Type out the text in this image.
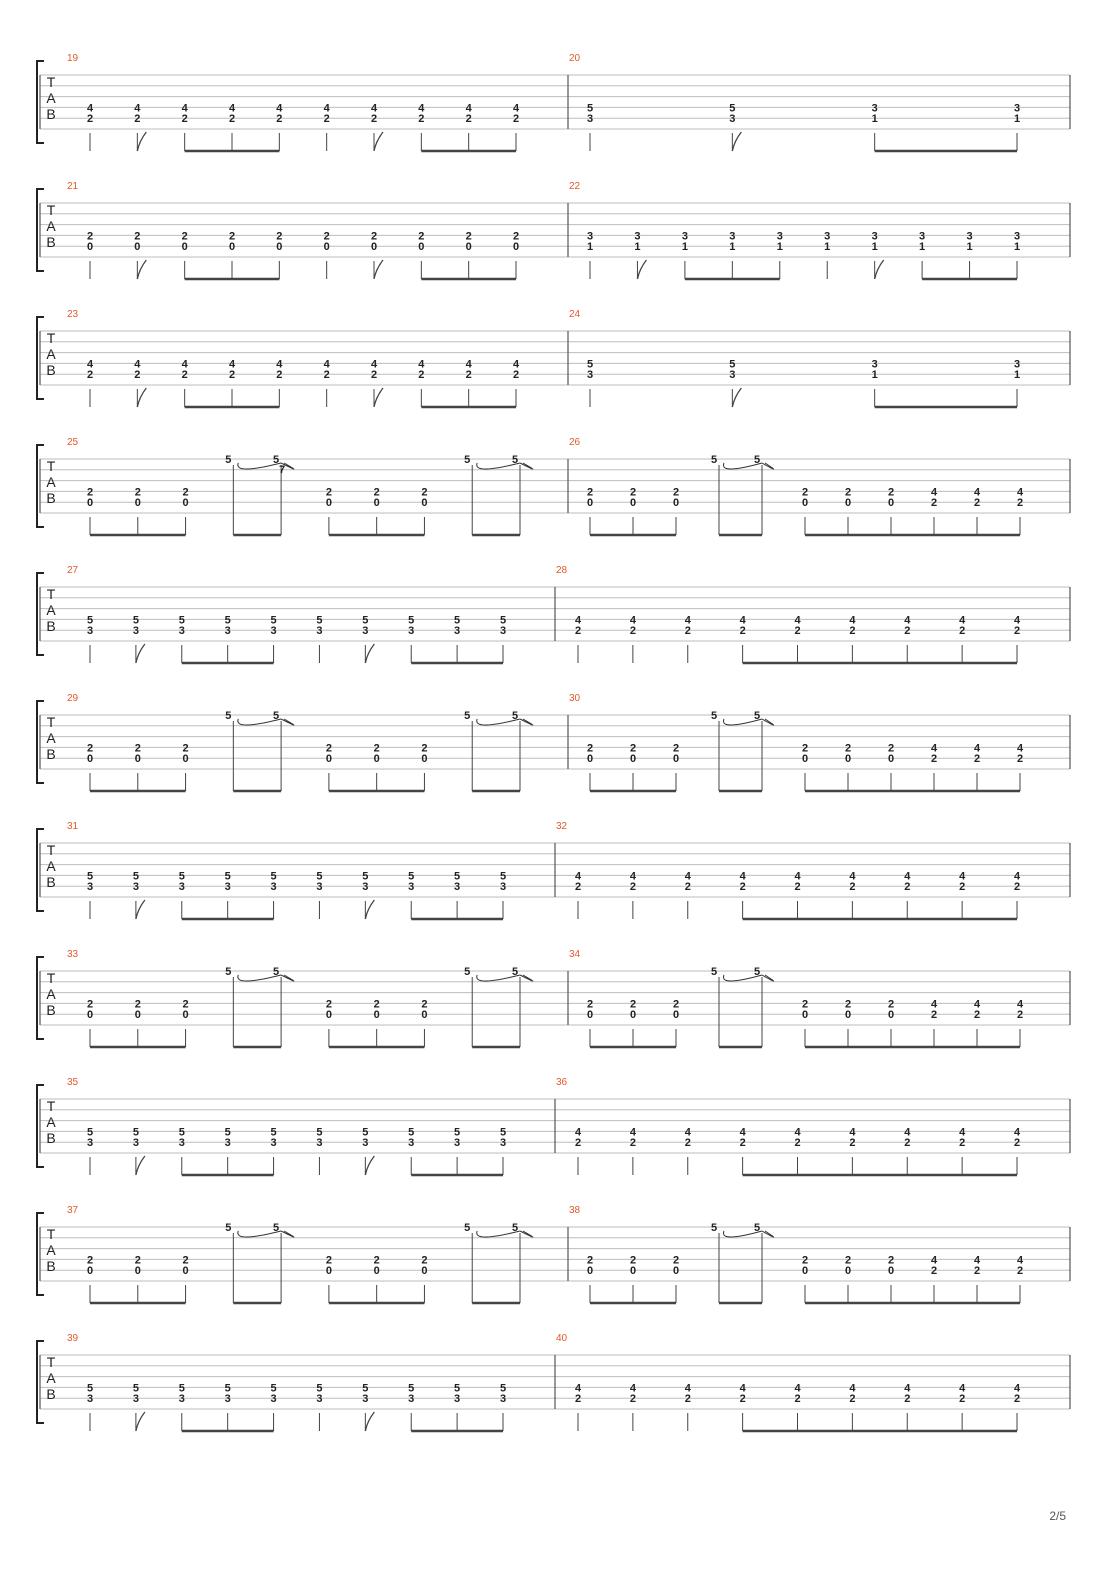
T
A
B
19
4
2
4
2
4
2
4
2
4
2
4
2
4
2
4
2
4
2
4
2
20
5
3
5
3
3
1
3
1
T
A
B
21
2
0
2
0
2
0
2
0
2
0
2
0
2
0
2
0
2
0
2
0
22
3
1
3
1
3
1
3
1
3
1
3
1
3
1
3
1
3
1
3
1
T
A
B
23
4
2
4
2
4
2
4
2
4
2
4
2
4
2
4
2
4
2
4
2
24
5
3
5
3
3
1
3
1
T
A
B
25
2
0
2
0
2
0
5	5
7
2
0
2
0
2
0
5	5
26
2
0
2
0
2
0
5	5
2
0
2
0
2
0
4
2
4
2
4
2
T
A
B
27
5
3
5
3
5
3
5
3
5
3
5
3
5
3
5
3
5
3
5
3
28
4
2
4
2
4
2
4
2
4
2
4
2
4
2
4
2
4
2
T
A
B
29
2
0
2
0
2
0
5	5
2
0
2
0
2
0
5	5
30
2
0
2
0
2
0
5	5
2
0
2
0
2
0
4
2
4
2
4
2
T
A
B
31
5
3
5
3
5
3
5
3
5
3
5
3
5
3
5
3
5
3
5
3
32
4
2
4
2
4
2
4
2
4
2
4
2
4
2
4
2
4
2
T
A
B
33
2
0
2
0
2
0
5	5
2
0
2
0
2
0
5	5
34
2
0
2
0
2
0
5	5
2
0
2
0
2
0
4
2
4
2
4
2
T
A
B
35
5
3
5
3
5
3
5
3
5
3
5
3
5
3
5
3
5
3
5
3
36
4
2
4
2
4
2
4
2
4
2
4
2
4
2
4
2
4
2
T
A
B
37
2
0
2
0
2
0
5	5
2
0
2
0
2
0
5	5
38
2
0
2
0
2
0
5	5
2
0
2
0
2
0
4
2
4
2
4
2
T
A
B
39
5
3
5
3
5
3
5
3
5
3
5
3
5
3
5
3
5
3
5
3
40
4
2
4
2
4
2
4
2
4
2
4
2
4
2
4
2
4
2
2/5
